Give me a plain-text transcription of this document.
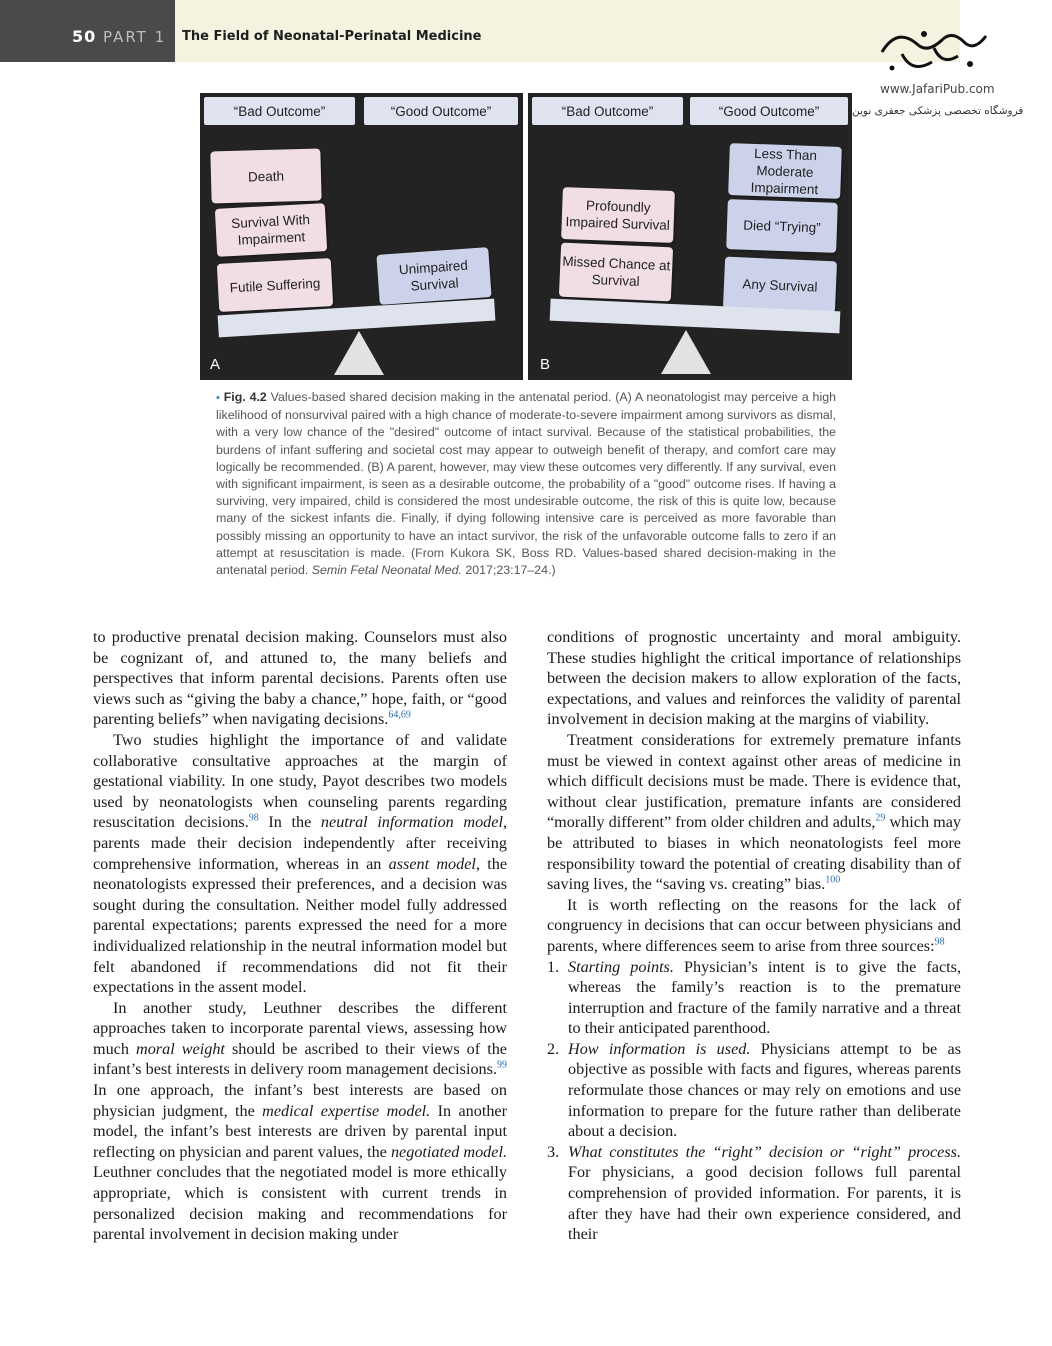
50 PART 1 The Field of Neonatal-Perinatal Medicine
www.JafariPub.com
فروشگاه تخصصی پزشکی جعفری نوین
“Bad Outcome”	“Good Outcome”
Death
Survival With Impairment
Futile Suffering
Unimpaired Survival
A
“Bad Outcome”	“Good Outcome”
Profoundly Impaired Survival
Missed Chance at Survival
Less Than Moderate Impairment
Died “Trying”
Any Survival
B
• Fig. 4.2 Values-based shared decision making in the antenatal period. (A) A neonatologist may perceive a high likelihood of nonsurvival paired with a high chance of moderate-to-severe impairment among survivors as dismal, with a very low chance of the "desired" outcome of intact survival. Because of the statistical probabilities, the burdens of infant suffering and societal cost may appear to outweigh benefit of therapy, and comfort care may logically be recommended. (B) A parent, however, may view these outcomes very differently. If any survival, even with significant impairment, is seen as a desirable outcome, the probability of a "good" outcome rises. If having a surviving, very impaired, child is considered the most undesirable outcome, the risk of this is quite low, because many of the sickest infants die. Finally, if dying following intensive care is perceived as more favorable than possibly missing an opportunity to have an intact survivor, the risk of the unfavorable outcome falls to zero if an attempt at resuscitation is made. (From Kukora SK, Boss RD. Values-based shared decision-making in the antenatal period. Semin Fetal Neonatal Med. 2017;23:17–24.)

to productive prenatal decision making. Counselors must also be cognizant of, and attuned to, the many beliefs and perspectives that inform parental decisions. Parents often use views such as “giving the baby a chance,” hope, faith, or “good parenting beliefs” when navigating decisions.$^{64,69}$

Two studies highlight the importance of and validate collaborative consultative approaches at the margin of gestational viability. In one study, Payot describes two models used by neonatologists when counseling parents regarding resuscitation decisions.$^{98}$ In the neutral information model, parents made their decision independently after receiving comprehensive information, whereas in an assent model, the neonatologists expressed their preferences, and a decision was sought during the consultation. Neither model fully addressed parental expectations; parents expressed the need for a more individualized relationship in the neutral information model but felt abandoned if recommendations did not fit their expectations in the assent model.

In another study, Leuthner describes the different approaches taken to incorporate parental views, assessing how much moral weight should be ascribed to their views of the infant’s best interests in delivery room management decisions.$^{99}$ In one approach, the infant’s best interests are based on physician judgment, the medical expertise model. In another model, the infant’s best interests are driven by parental input reflecting on physician and parent values, the negotiated model. Leuthner concludes that the negotiated model is more ethically appropriate, which is consistent with current trends in personalized decision making and recommendations for parental involvement in decision making under

conditions of prognostic uncertainty and moral ambiguity. These studies highlight the critical importance of relationships between the decision makers to allow exploration of the facts, expectations, and values and reinforces the validity of parental involvement in decision making at the margins of viability.

Treatment considerations for extremely premature infants must be viewed in context against other areas of medicine in which difficult decisions must be made. There is evidence that, without clear justification, premature infants are considered “morally different” from older children and adults,$^{29}$ which may be attributed to biases in which neonatologists feel more responsibility toward the potential of creating disability than of saving lives, the “saving vs. creating” bias.$^{100}$

It is worth reflecting on the reasons for the lack of congruency in decisions that can occur between physicians and parents, where differences seem to arise from three sources:$^{98}$

1. Starting points. Physician’s intent is to give the facts, whereas the family’s reaction is to the premature interruption and fracture of the family narrative and a threat to their anticipated parenthood.
2. How information is used. Physicians attempt to be as objective as possible with facts and figures, whereas parents reformulate those chances or may rely on emotions and use information to prepare for the future rather than deliberate about a decision.
3. What constitutes the “right” decision or “right” process. For physicians, a good decision follows full parental comprehension of provided information. For parents, it is after they have had their own experience considered, and their
